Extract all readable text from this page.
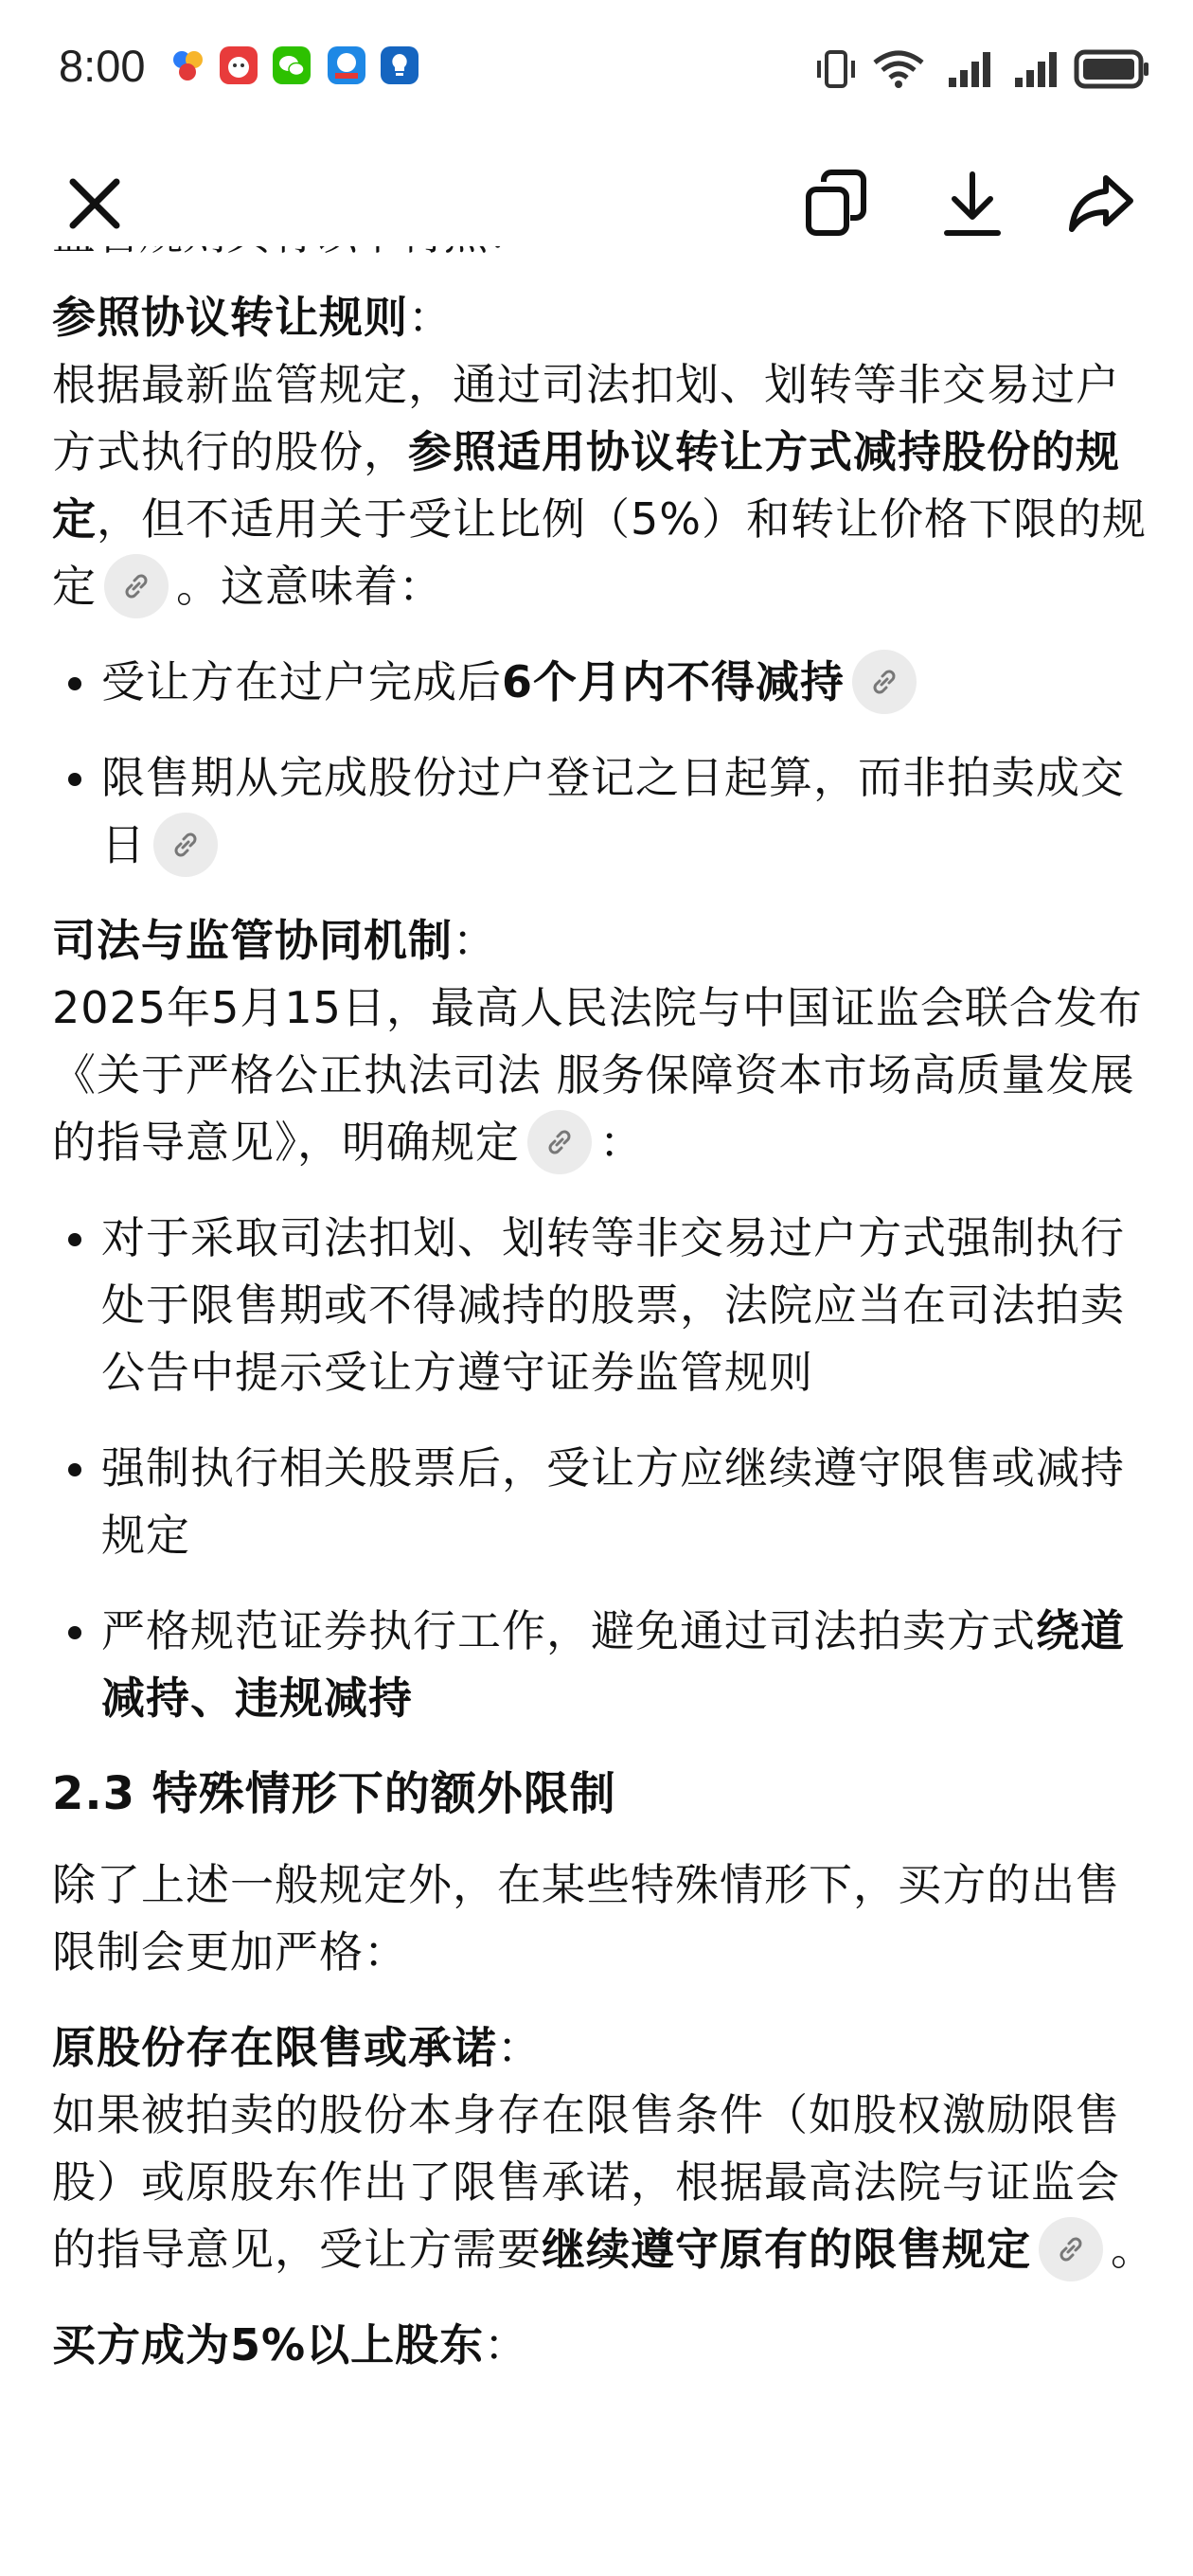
8:00

参照协议转让规则：
根据最新监管规定，通过司法扣划、划转等非交易过户方式执行的股份，参照适用协议转让方式减持股份的规定，但不适用关于受让比例（5%）和转让价格下限的规定 。这意味着：

• 受让方在过户完成后6个月内不得减持
• 限售期从完成股份过户登记之日起算，而非拍卖成交日

司法与监管协同机制：
2025年5月15日，最高人民法院与中国证监会联合发布《关于严格公正执法司法 服务保障资本市场高质量发展的指导意见》，明确规定 ：

• 对于采取司法扣划、划转等非交易过户方式强制执行处于限售期或不得减持的股票，法院应当在司法拍卖公告中提示受让方遵守证券监管规则
• 强制执行相关股票后，受让方应继续遵守限售或减持规定
• 严格规范证券执行工作，避免通过司法拍卖方式绕道减持、违规减持
2.3 特殊情形下的额外限制

除了上述一般规定外，在某些特殊情形下，买方的出售限制会更加严格：

原股份存在限售或承诺：
如果被拍卖的股份本身存在限售条件（如股权激励限售股）或原股东作出了限售承诺，根据最高法院与证监会的指导意见，受让方需要继续遵守原有的限售规定 。

买方成为5%以上股东：
